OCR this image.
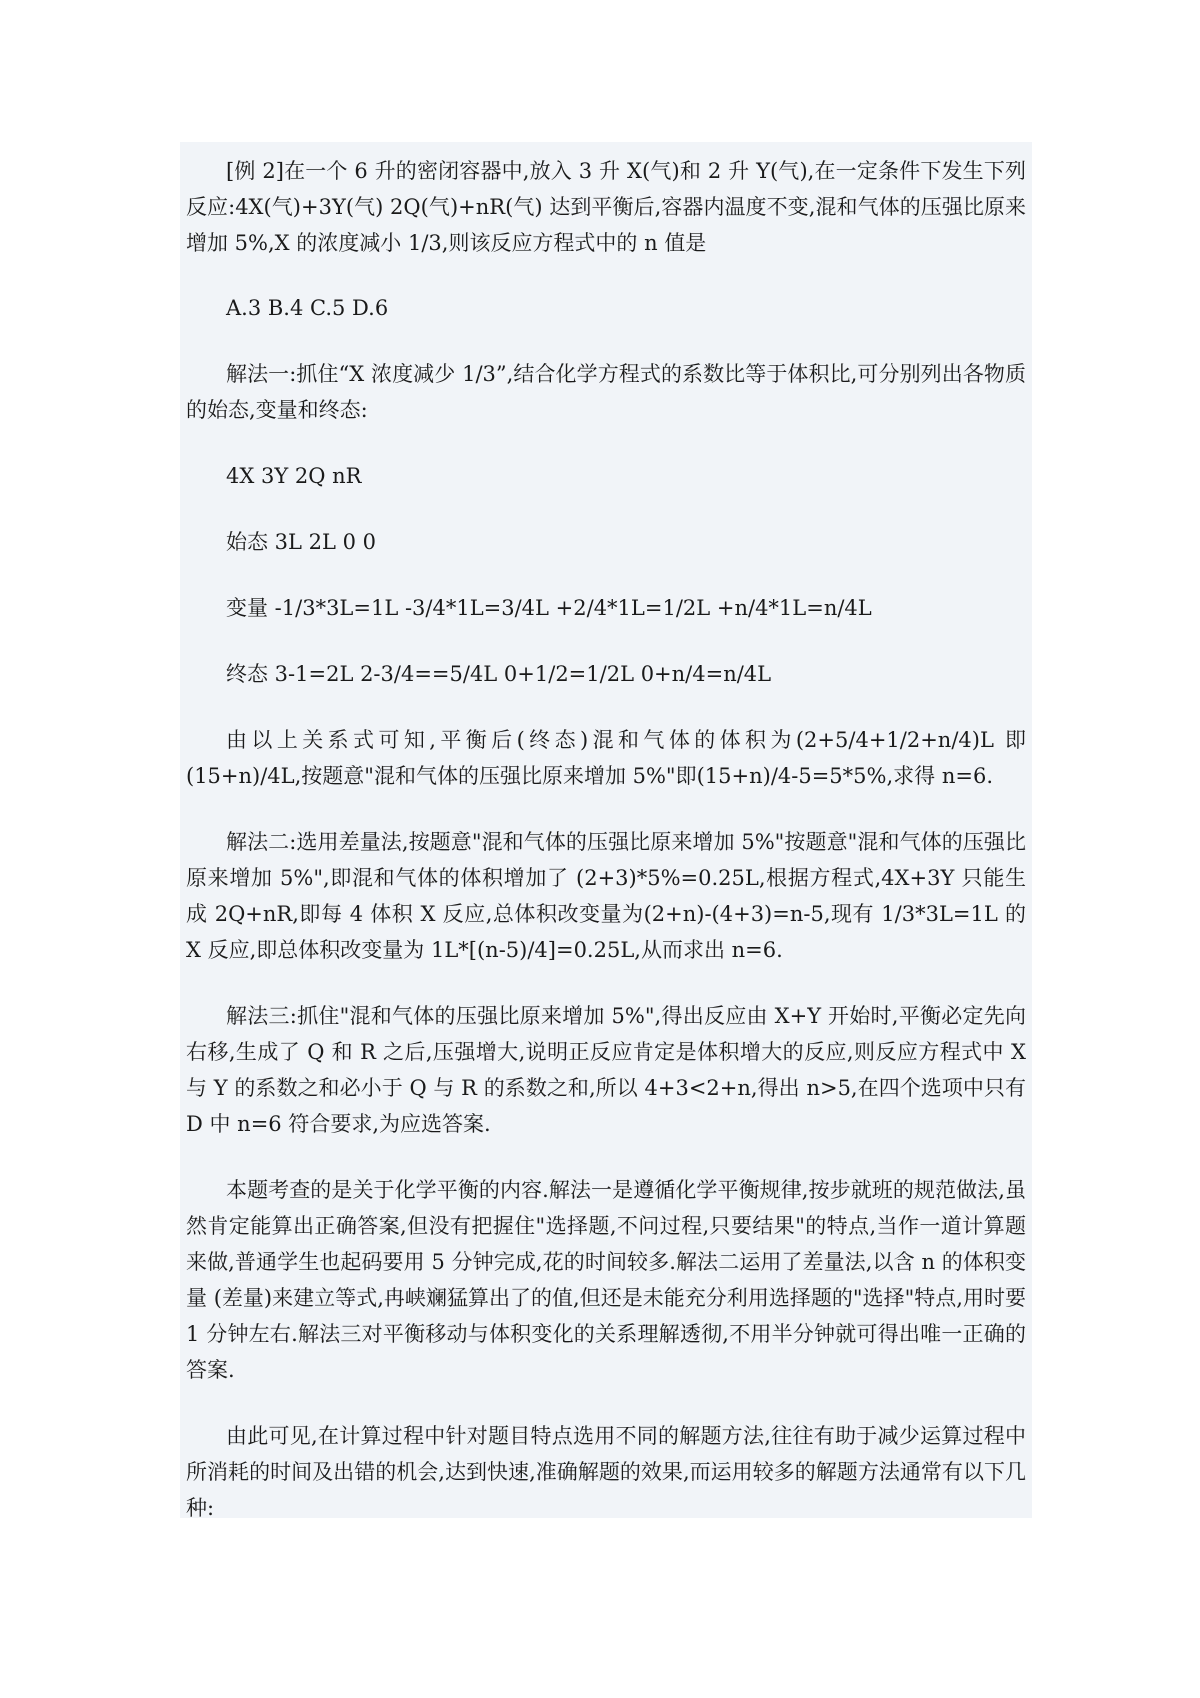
[例 2]在一个 6 升的密闭容器中,放入 3 升 X(气)和 2 升 Y(气),在一定条件下发生下列反应:4X(气)+3Y(气) 2Q(气)+nR(气) 达到平衡后,容器内温度不变,混和气体的压强比原来增加 5%,X 的浓度减小 1/3,则该反应方程式中的 n 值是

A.3 B.4 C.5 D.6

解法一:抓住“X 浓度减少 1/3”,结合化学方程式的系数比等于体积比,可分别列出各物质的始态,变量和终态:

4X 3Y 2Q nR

始态 3L 2L 0 0

变量 -1/3*3L=1L -3/4*1L=3/4L +2/4*1L=1/2L +n/4*1L=n/4L

终态 3-1=2L 2-3/4==5/4L 0+1/2=1/2L 0+n/4=n/4L

由以上关系式可知,平衡后(终态)混和气体的体积为(2+5/4+1/2+n/4)L 即(15+n)/4L,按题意"混和气体的压强比原来增加 5%"即(15+n)/4-5=5*5%,求得 n=6.

解法二:选用差量法,按题意"混和气体的压强比原来增加 5%"按题意"混和气体的压强比原来增加 5%",即混和气体的体积增加了 (2+3)*5%=0.25L,根据方程式,4X+3Y 只能生成 2Q+nR,即每 4 体积 X 反应,总体积改变量为(2+n)-(4+3)=n-5,现有 1/3*3L=1L 的 X 反应,即总体积改变量为 1L*[(n-5)/4]=0.25L,从而求出 n=6.

解法三:抓住"混和气体的压强比原来增加 5%",得出反应由 X+Y 开始时,平衡必定先向右移,生成了 Q 和 R 之后,压强增大,说明正反应肯定是体积增大的反应,则反应方程式中 X 与 Y 的系数之和必小于 Q 与 R 的系数之和,所以 4+3<2+n,得出 n>5,在四个选项中只有 D 中 n=6 符合要求,为应选答案.

本题考查的是关于化学平衡的内容.解法一是遵循化学平衡规律,按步就班的规范做法,虽然肯定能算出正确答案,但没有把握住"选择题,不问过程,只要结果"的特点,当作一道计算题来做,普通学生也起码要用 5 分钟完成,花的时间较多.解法二运用了差量法,以含 n 的体积变量 (差量)来建立等式,冉峡斓猛算出了的值,但还是未能充分利用选择题的"选择"特点,用时要 1 分钟左右.解法三对平衡移动与体积变化的关系理解透彻,不用半分钟就可得出唯一正确的答案.

由此可见,在计算过程中针对题目特点选用不同的解题方法,往往有助于减少运算过程中所消耗的时间及出错的机会,达到快速,准确解题的效果,而运用较多的解题方法通常有以下几种:
